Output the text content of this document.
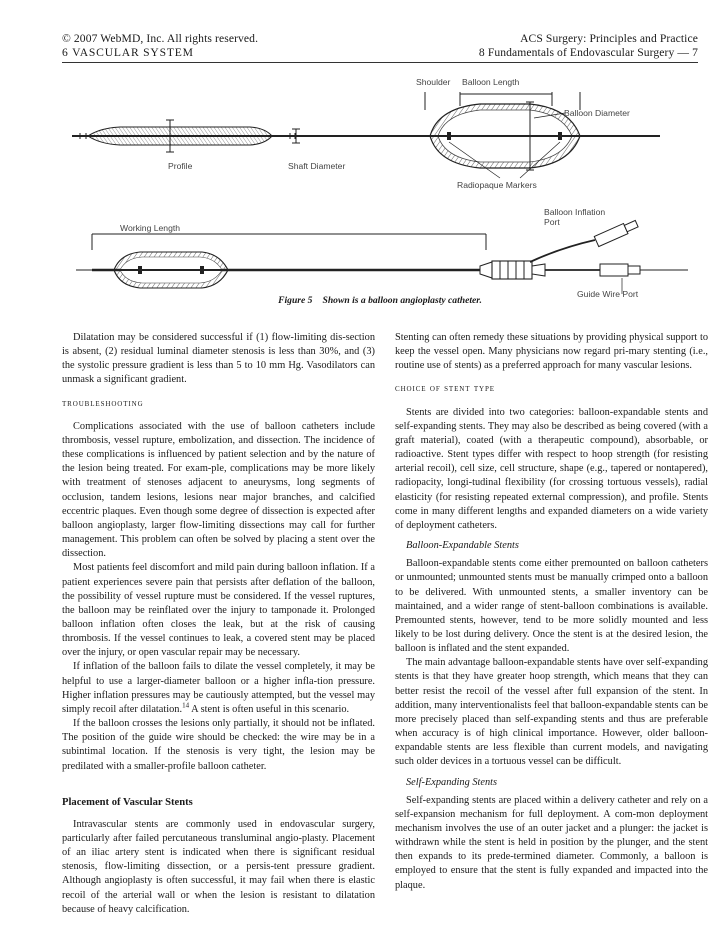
© 2007 WebMD, Inc. All rights reserved.
6 VASCULAR SYSTEM
ACS Surgery: Principles and Practice
8 Fundamentals of Endovascular Surgery — 7
Profile	Shaft Diameter
Shoulder Balloon Length
Balloon Diameter
Radiopaque Markers
Working Length
Balloon Inflation
Port
Guide Wire Port
Figure 5 Shown is a balloon angioplasty catheter.

Dilatation may be considered successful if (1) flow-limiting dis-section is absent, (2) residual luminal diameter stenosis is less than 30%, and (3) the systolic pressure gradient is less than 5 to 10 mm Hg. Vasodilators can unmask a significant gradient.

troubleshooting

Complications associated with the use of balloon catheters include thrombosis, vessel rupture, embolization, and dissection. The incidence of these complications is influenced by patient selection and by the nature of the lesion being treated. For exam-ple, complications may be more likely with treatment of stenoses adjacent to aneurysms, long segments of occlusion, tandem lesions, lesions near major branches, and calcified eccentric plaques. Even though some degree of dissection is expected after balloon angioplasty, larger flow-limiting dissections may call for further management. This problem can often be solved by placing a stent over the dissection.

Most patients feel discomfort and mild pain during balloon inflation. If a patient experiences severe pain that persists after deflation of the balloon, the possibility of vessel rupture must be considered. If the vessel ruptures, the balloon may be reinflated over the injury to tamponade it. Prolonged balloon inflation often closes the leak, but at the risk of causing thrombosis. If the vessel continues to leak, a covered stent may be placed over the injury, or open vascular repair may be necessary.

If inflation of the balloon fails to dilate the vessel completely, it may be helpful to use a larger-diameter balloon or a higher infla-tion pressure. Higher inflation pressures may be cautiously attempted, but the vessel may simply recoil after dilatation.$^{14}$ A stent is often useful in this scenario.

If the balloon crosses the lesions only partially, it should not be inflated. The position of the guide wire should be checked: the wire may be in a subintimal location. If the stenosis is very tight, the lesion may be predilated with a smaller-profile balloon catheter.

Placement of Vascular Stents

Intravascular stents are commonly used in endovascular surgery, particularly after failed percutaneous transluminal angio-plasty. Placement of an iliac artery stent is indicated when there is significant residual stenosis, flow-limiting dissection, or a persis-tent pressure gradient. Although angioplasty is often successful, it may fail when there is elastic recoil of the arterial wall or when the lesion is resistant to dilatation because of heavy calcification.

Stenting can often remedy these situations by providing physical support to keep the vessel open. Many physicians now regard pri-mary stenting (i.e., routine use of stents) as a preferred approach for many vascular lesions.

choice of stent type

Stents are divided into two categories: balloon-expandable stents and self-expanding stents. They may also be described as being covered (with a graft material), coated (with a therapeutic compound), absorbable, or radioactive. Stent types differ with respect to hoop strength (for resisting arterial recoil), cell size, cell structure, shape (e.g., tapered or nontapered), radiopacity, longi-tudinal flexibility (for crossing tortuous vessels), radial elasticity (for resisting repeated external compression), and profile. Stents come in many different lengths and expanded diameters on a wide variety of deployment catheters.

Balloon-Expandable Stents

Balloon-expandable stents come either premounted on balloon catheters or unmounted; unmounted stents must be manually crimped onto a balloon to be delivered. With unmounted stents, a smaller inventory can be maintained, and a wider range of stent-balloon combinations is available. Premounted stents, however, tend to be more solidly mounted and less likely to be lost during delivery. Once the stent is at the desired lesion, the balloon is inflated and the stent expanded.

The main advantage balloon-expandable stents have over self-expanding stents is that they have greater hoop strength, which means that they can better resist the recoil of the vessel after full expansion of the stent. In addition, many interventionalists feel that balloon-expandable stents can be more precisely placed than self-expanding stents and thus are preferable when accuracy is of high clinical importance. However, older balloon-expandable stents are less flexible than current models, and navigating such older devices in a tortuous vessel can be difficult.

Self-Expanding Stents

Self-expanding stents are placed within a delivery catheter and rely on a self-expansion mechanism for full deployment. A com-mon deployment mechanism involves the use of an outer jacket and a plunger: the jacket is withdrawn while the stent is held in position by the plunger, and the stent then expands to its prede-termined diameter. Commonly, a balloon is employed to ensure that the stent is fully expanded and impacted into the plaque.
